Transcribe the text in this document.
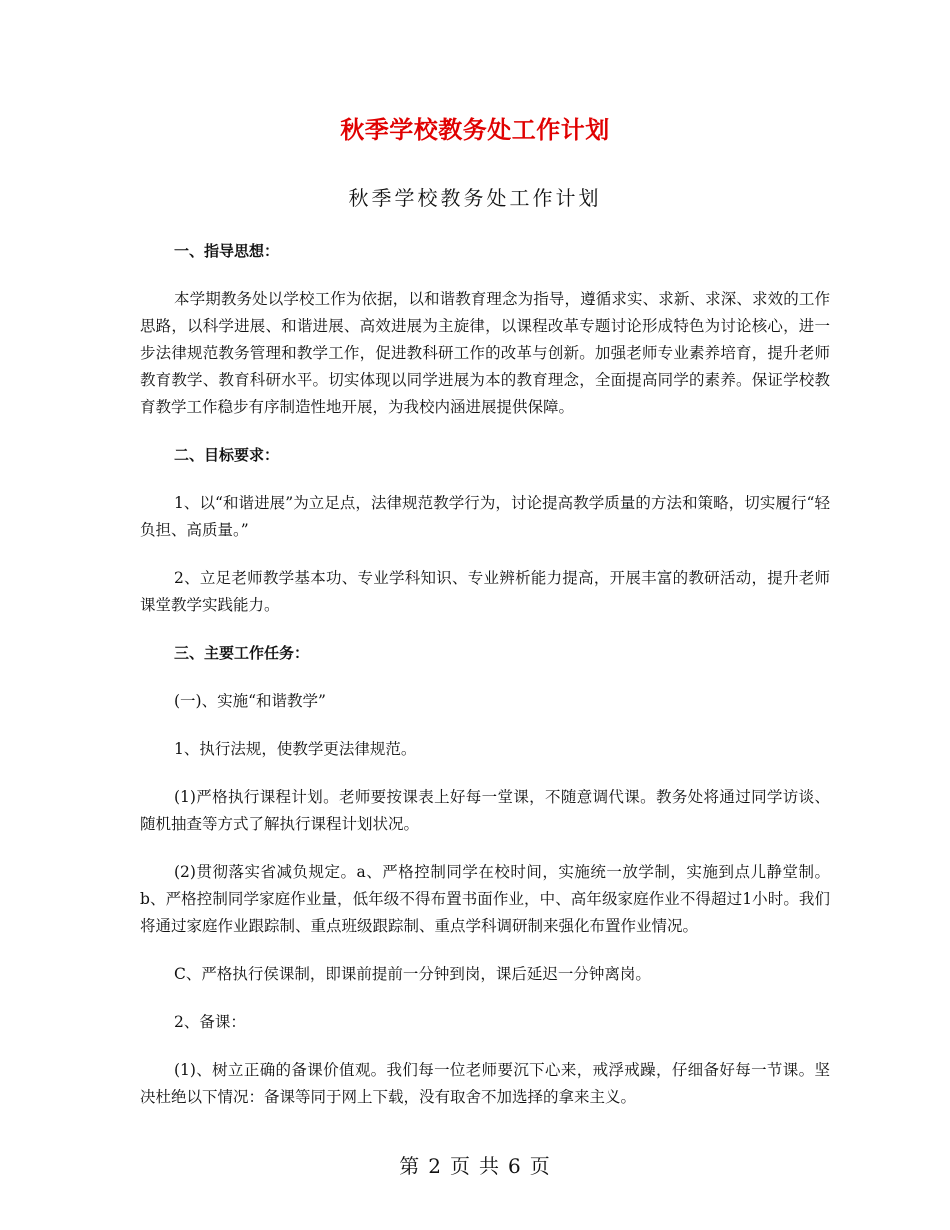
秋季学校教务处工作计划
秋季学校教务处工作计划
一、指导思想：
本学期教务处以学校工作为依据，以和谐教育理念为指导，遵循求实、求新、求深、求效的工作思路，以科学进展、和谐进展、高效进展为主旋律，以课程改革专题讨论形成特色为讨论核心，进一步法律规范教务管理和教学工作，促进教科研工作的改革与创新。加强老师专业素养培育，提升老师教育教学、教育科研水平。切实体现以同学进展为本的教育理念，全面提高同学的素养。保证学校教育教学工作稳步有序制造性地开展，为我校内涵进展提供保障。
二、目标要求：
1、以“和谐进展”为立足点，法律规范教学行为，讨论提高教学质量的方法和策略，切实履行“轻负担、高质量。”
2、立足老师教学基本功、专业学科知识、专业辨析能力提高，开展丰富的教研活动，提升老师课堂教学实践能力。
三、主要工作任务：
(一)、实施“和谐教学”
1、执行法规，使教学更法律规范。
(1)严格执行课程计划。老师要按课表上好每一堂课，不随意调代课。教务处将通过同学访谈、随机抽查等方式了解执行课程计划状况。
(2)贯彻落实省减负规定。a、严格控制同学在校时间，实施统一放学制，实施到点儿静堂制。b、严格控制同学家庭作业量，低年级不得布置书面作业，中、高年级家庭作业不得超过1小时。我们将通过家庭作业跟踪制、重点班级跟踪制、重点学科调研制来强化布置作业情况。
C、严格执行侯课制，即课前提前一分钟到岗，课后延迟一分钟离岗。
2、备课：
(1)、树立正确的备课价值观。我们每一位老师要沉下心来，戒浮戒躁，仔细备好每一节课。坚决杜绝以下情况：备课等同于网上下载，没有取舍不加选择的拿来主义。
第 2 页 共 6 页
